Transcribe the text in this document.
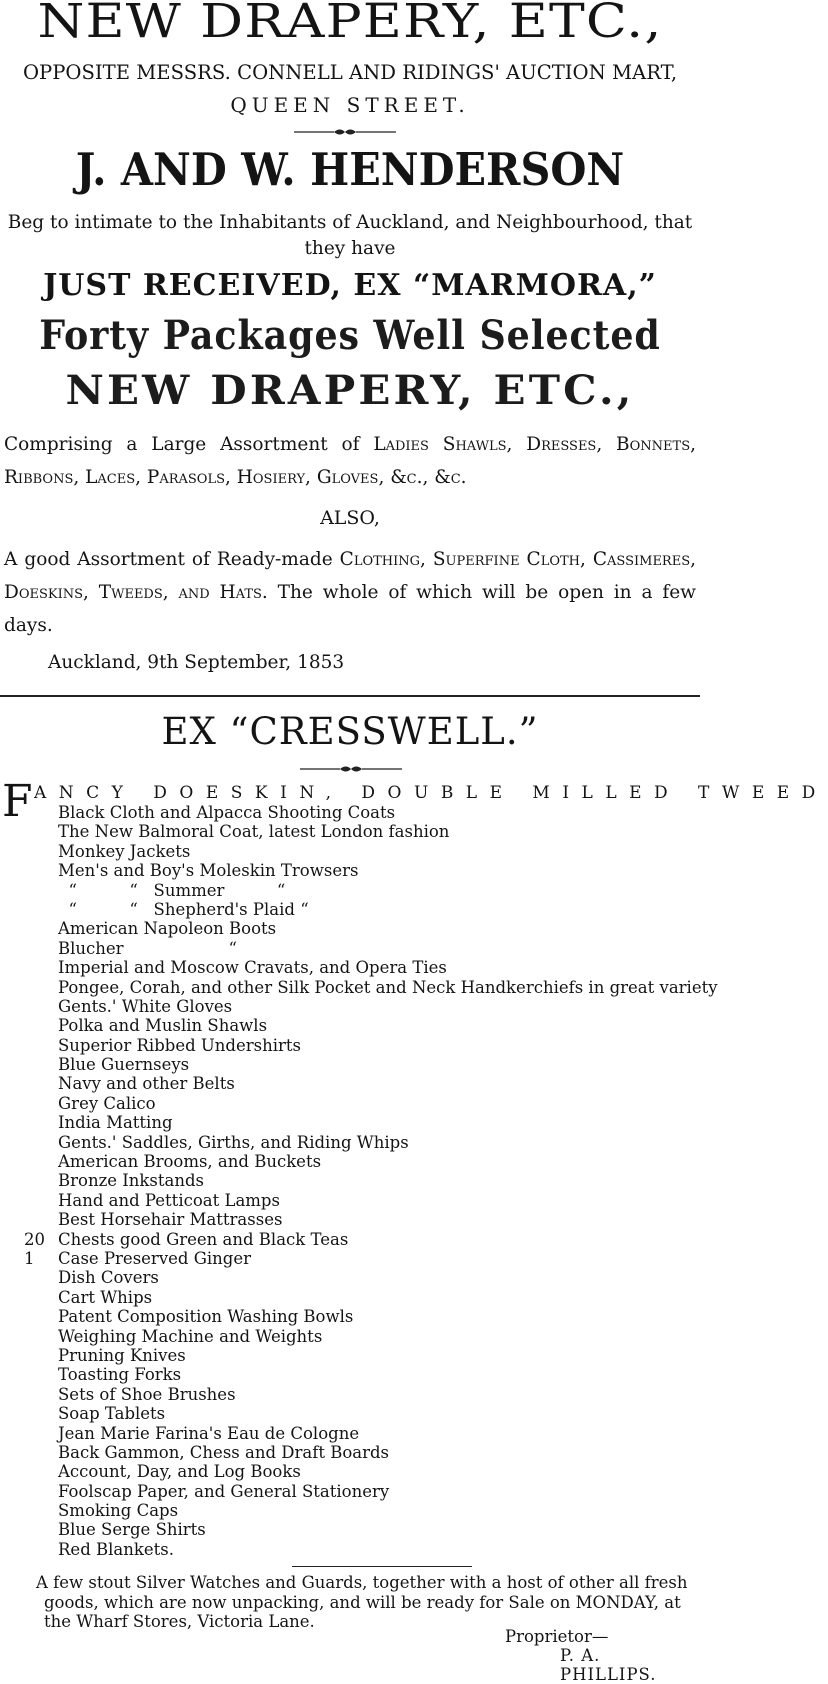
NEW DRAPERY, ETC.,
OPPOSITE MESSRS. CONNELL AND RIDINGS' AUCTION MART,
QUEEN STREET.
J. AND W. HENDERSON
Beg to intimate to the Inhabitants of Auckland, and Neighbourhood, that
they have
JUST RECEIVED, EX “MARMORA,”
Forty Packages Well Selected
NEW DRAPERY, ETC.,
Comprising a Large Assortment of Ladies Shawls, Dresses, Bonnets, Ribbons, Laces, Parasols, Hosiery, Gloves, &c., &c.
ALSO,
A good Assortment of Ready-made Clothing, Superfine Cloth, Cassimeres, Doeskins, Tweeds, and Hats. The whole of which will be open in a few days.
Auckland, 9th September, 1853
EX “CRESSWELL.”
F ANCY DOESKIN, DOUBLE MILLED TWEED
Black Cloth and Alpacca Shooting Coats
The New Balmoral Coat, latest London fashion
Monkey Jackets
Men's and Boy's Moleskin Trowsers
“          “   Summer          “
“          “   Shepherd's Plaid “
American Napoleon Boots
Blucher                    “
Imperial and Moscow Cravats, and Opera Ties
Pongee, Corah, and other Silk Pocket and Neck Handkerchiefs in great variety
Gents.' White Gloves
Polka and Muslin Shawls
Superior Ribbed Undershirts
Blue Guernseys
Navy and other Belts
Grey Calico
India Matting
Gents.' Saddles, Girths, and Riding Whips
American Brooms, and Buckets
Bronze Inkstands
Hand and Petticoat Lamps
Best Horsehair Mattrasses
20 Chests good Green and Black Teas
1	Case Preserved Ginger
Dish Covers
Cart Whips
Patent Composition Washing Bowls
Weighing Machine and Weights
Pruning Knives
Toasting Forks
Sets of Shoe Brushes
Soap Tablets
Jean Marie Farina's Eau de Cologne
Back Gammon, Chess and Draft Boards
Account, Day, and Log Books
Foolscap Paper, and General Stationery
Smoking Caps
Blue Serge Shirts
Red Blankets.
A few stout Silver Watches and Guards, together with a host of other all fresh goods, which are now unpacking, and will be ready for Sale on MONDAY, at the Wharf Stores, Victoria Lane.
Proprietor—
P. A. PHILLIPS.
